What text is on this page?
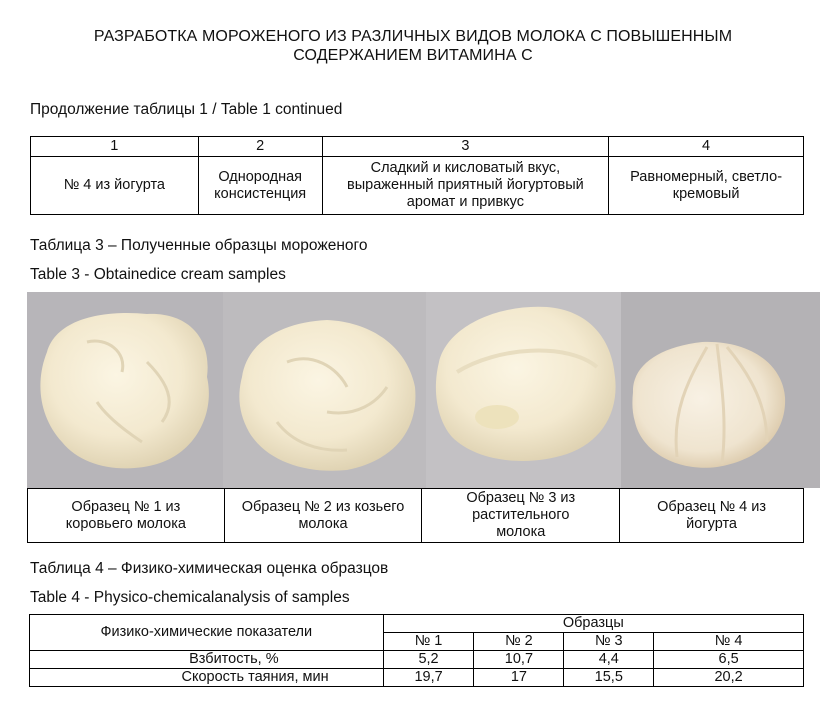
РАЗРАБОТКА МОРОЖЕНОГО ИЗ РАЗЛИЧНЫХ ВИДОВ МОЛОКА С ПОВЫШЕННЫМ СОДЕРЖАНИЕМ ВИТАМИНА С
Продолжение таблицы 1 / Table 1 continued
1	2	3	4
№ 4 из йогурта	Однородная консистенция	Сладкий и кисловатый вкус, выраженный приятный йогуртовый аромат и привкус	Равномерный, светло-кремовый
Таблица 3 – Полученные образцы мороженого
Table 3 - Obtainedice cream samples
Образец № 1 из коровьего молока	Образец № 2 из козьего молока	Образец № 3 из растительного молока	Образец № 4 из йогурта
Таблица 4 – Физико-химическая оценка образцов
Table 4 - Physico-chemicalanalysis of samples
Физико-химические показатели	Образцы			
	№ 1	№ 2	№ 3	№ 4
Взбитость, %	5,2	10,7	4,4	6,5
Скорость таяния, мин	19,7	17	15,5	20,2
